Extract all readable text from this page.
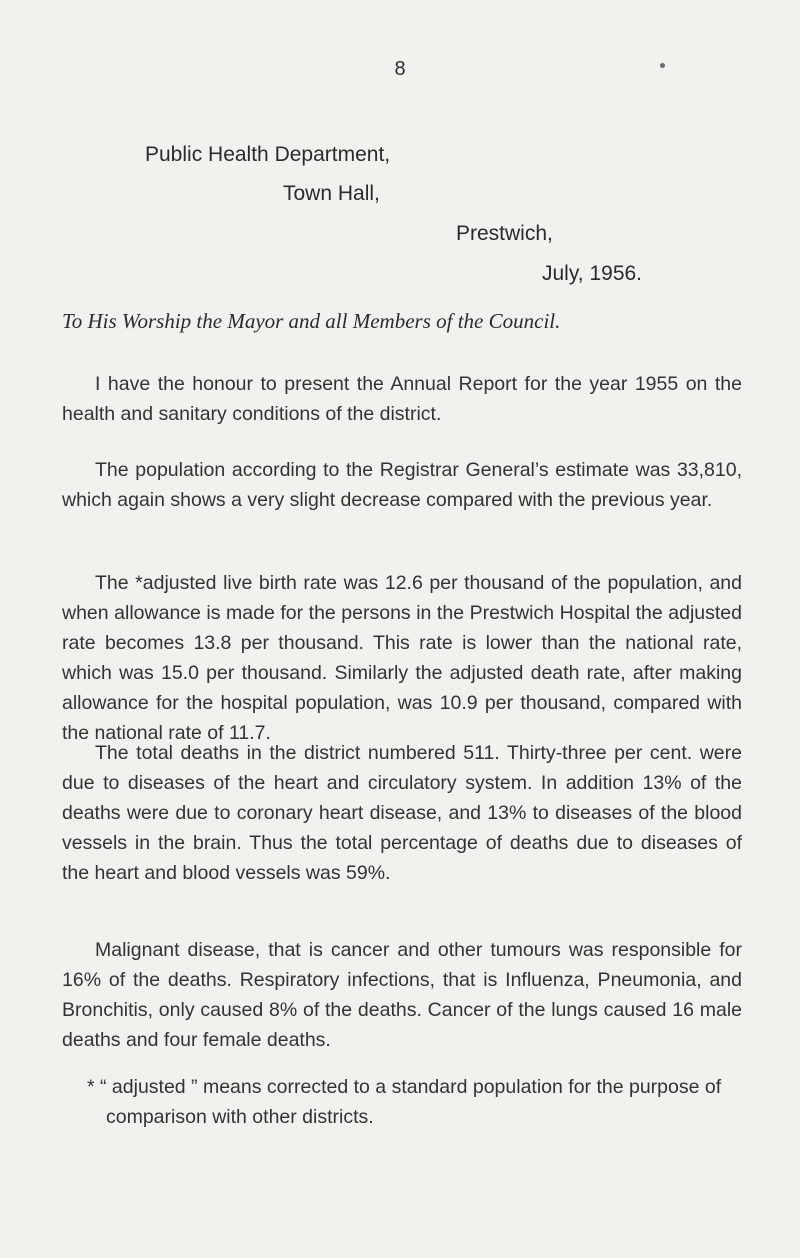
8
Public Health Department,
Town Hall,
Prestwich,
July, 1956.
To His Worship the Mayor and all Members of the Council.

I have the honour to present the Annual Report for the year 1955 on the health and sanitary conditions of the district.

The population according to the Registrar General’s estimate was 33,810, which again shows a very slight decrease compared with the previous year.

The *adjusted live birth rate was 12.6 per thousand of the population, and when allowance is made for the persons in the Prestwich Hospital the adjusted rate becomes 13.8 per thousand. This rate is lower than the national rate, which was 15.0 per thousand. Similarly the adjusted death rate, after making allowance for the hospital population, was 10.9 per thousand, compared with the national rate of 11.7.

The total deaths in the district numbered 511. Thirty-three per cent. were due to diseases of the heart and circulatory system. In addition 13% of the deaths were due to coronary heart disease, and 13% to diseases of the blood vessels in the brain. Thus the total percentage of deaths due to diseases of the heart and blood vessels was 59%.

Malignant disease, that is cancer and other tumours was responsible for 16% of the deaths. Respiratory infections, that is Influenza, Pneumonia, and Bronchitis, only caused 8% of the deaths. Cancer of the lungs caused 16 male deaths and four female deaths.

* “ adjusted ” means corrected to a standard population for the purpose of comparison with other districts.
